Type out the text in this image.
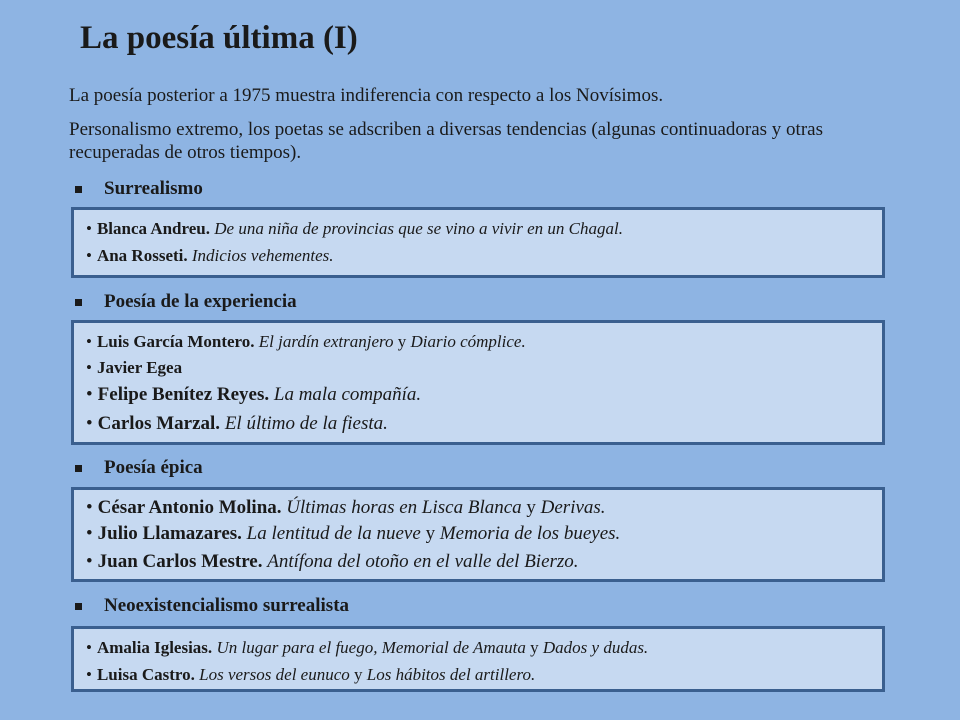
La poesía última (I)

La poesía posterior a 1975 muestra indiferencia con respecto a los Novísimos.

Personalismo extremo, los poetas se adscriben a diversas tendencias (algunas continuadoras y otras recuperadas de otros tiempos).

Surrealismo

• Blanca Andreu. De una niña de provincias que se vino a vivir en un Chagal.

• Ana Rosseti. Indicios vehementes.

Poesía de la experiencia

• Luis García Montero. El jardín extranjero y Diario cómplice.

• Javier Egea

• Felipe Benítez Reyes. La mala compañía.

• Carlos Marzal. El último de la fiesta.

Poesía épica

• César Antonio Molina. Últimas horas en Lisca Blanca y Derivas.

• Julio Llamazares. La lentitud de la nueve y Memoria de los bueyes.

• Juan Carlos Mestre. Antífona del otoño en el valle del Bierzo.

Neoexistencialismo surrealista

• Amalia Iglesias. Un lugar para el fuego, Memorial de Amauta y Dados y dudas.

• Luisa Castro. Los versos del eunuco y Los hábitos del artillero.
